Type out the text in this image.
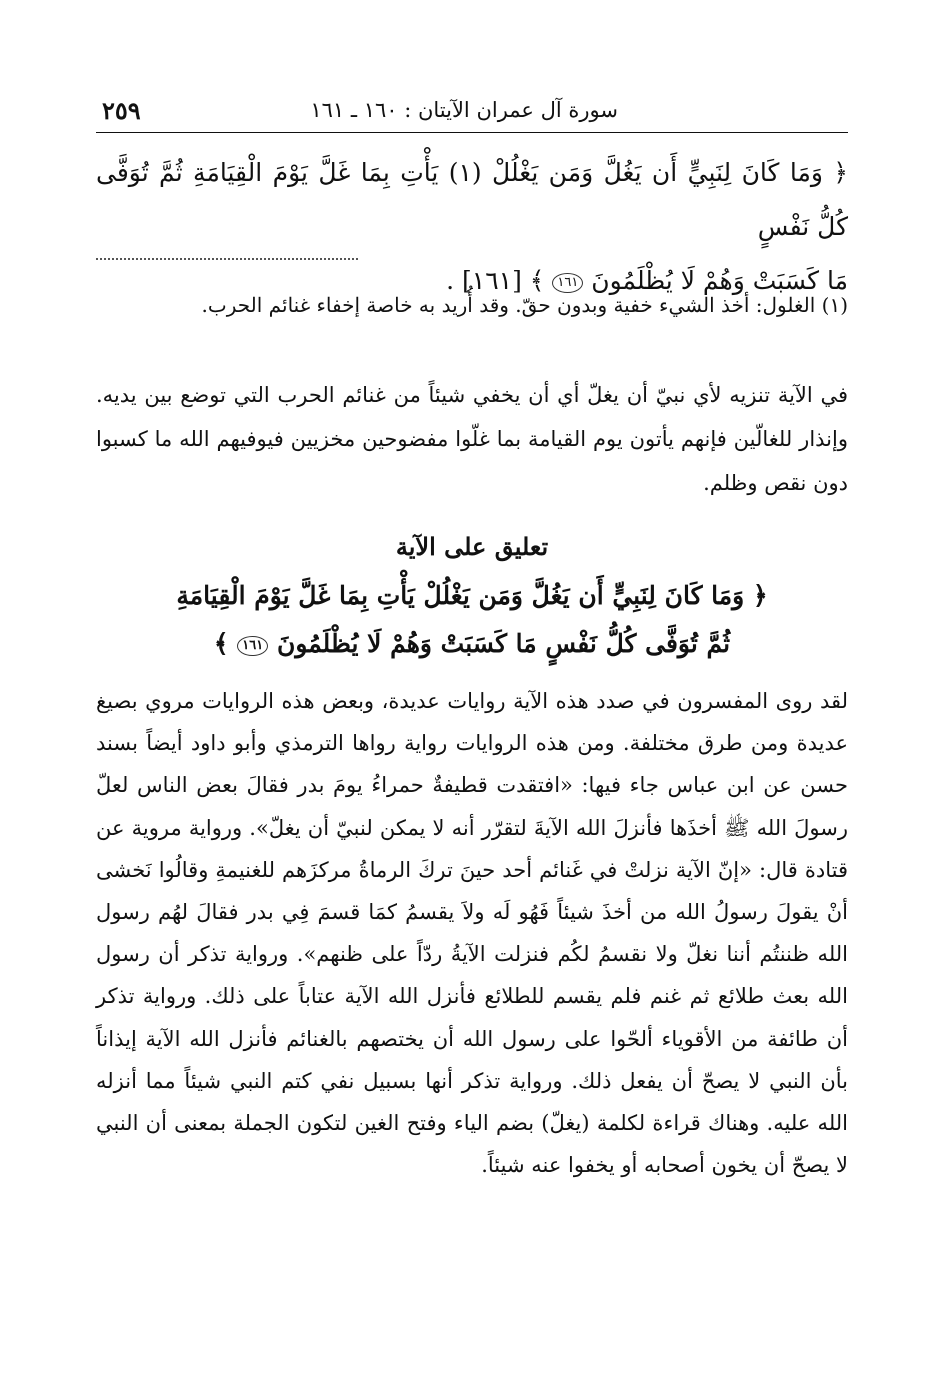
سورة آل عمران الآيتان : ١٦٠ ـ ١٦١
٢٥٩

﴿ وَمَا كَانَ لِنَبِيٍّ أَن يَغُلَّ وَمَن يَغْلُلْ (١) يَأْتِ بِمَا غَلَّ يَوْمَ الْقِيَامَةِ ثُمَّ تُوَفَّى كُلُّ نَفْسٍ

مَا كَسَبَتْ وَهُمْ لَا يُظْلَمُونَ ١٦١ ﴾ [١٦١] .

(١) الغلول: أخذ الشيء خفية وبدون حقّ. وقد أُريد به خاصة إخفاء غنائم الحرب.

في الآية تنزيه لأي نبيّ أن يغلّ أي أن يخفي شيئاً من غنائم الحرب التي توضع بين يديه. وإنذار للغالّين فإنهم يأتون يوم القيامة بما غلّوا مفضوحين مخزيين فيوفيهم الله ما كسبوا دون نقص وظلم.

تعليق على الآية

﴿ وَمَا كَانَ لِنَبِيٍّ أَن يَغُلَّ وَمَن يَغْلُلْ يَأْتِ بِمَا غَلَّ يَوْمَ الْقِيَامَةِ

ثُمَّ تُوَفَّى كُلُّ نَفْسٍ مَا كَسَبَتْ وَهُمْ لَا يُظْلَمُونَ ١٦١ ﴾

لقد روى المفسرون في صدد هذه الآية روايات عديدة، وبعض هذه الروايات مروي بصيغ عديدة ومن طرق مختلفة. ومن هذه الروايات رواية رواها الترمذي وأبو داود أيضاً بسند حسن عن ابن عباس جاء فيها: «افتقدت قطيفةٌ حمراءُ يومَ بدر فقالَ بعض الناس لعلّ رسولَ الله ﷺ أخذَها فأنزلَ الله الآيةَ لتقرّر أنه لا يمكن لنبيّ أن يغلّ». ورواية مروية عن قتادة قال: «إنّ الآية نزلتْ في غَنائم أحد حينَ تركَ الرماةُ مركزَهم للغنيمةِ وقالُوا نَخشى أنْ يقولَ رسولُ الله من أخذَ شيئاً فَهُو لَه ولاَ يقسمُ كمَا قسمَ فِي بدر فقالَ لهُم رسول الله ظننتُم أننا نغلّ ولا نقسمُ لكُم فنزلت الآيةُ ردّاً على ظنهم». ورواية تذكر أن رسول الله بعث طلائع ثم غنم فلم يقسم للطلائع فأنزل الله الآية عتاباً على ذلك. ورواية تذكر أن طائفة من الأقوياء ألحّوا على رسول الله أن يختصهم بالغنائم فأنزل الله الآية إيذاناً بأن النبي لا يصحّ أن يفعل ذلك. ورواية تذكر أنها بسبيل نفي كتم النبي شيئاً مما أنزله الله عليه. وهناك قراءة لكلمة (يغلّ) بضم الياء وفتح الغين لتكون الجملة بمعنى أن النبي لا يصحّ أن يخون أصحابه أو يخفوا عنه شيئاً.
